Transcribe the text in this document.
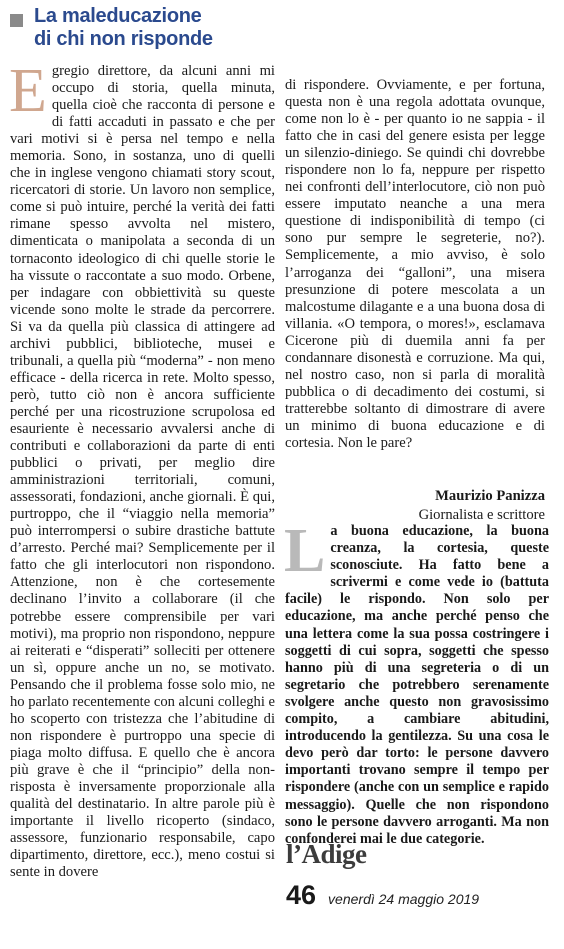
La maleducazione
di chi non risponde
E gregio direttore, da alcuni anni mi occupo di storia, quella minuta, quella cioè che racconta di persone e di fatti accaduti in passato e che per vari motivi si è persa nel tempo e nella memoria. Sono, in sostanza, uno di quelli che in inglese vengono chiamati story scout, ricercatori di storie. Un lavoro non semplice, come si può intuire, perché la verità dei fatti rimane spesso avvolta nel mistero, dimenticata o manipolata a seconda di un tornaconto ideologico di chi quelle storie le ha vissute o raccontate a suo modo. Orbene, per indagare con obbiettività su queste vicende sono molte le strade da percorrere. Si va da quella più classica di attingere ad archivi pubblici, biblioteche, musei e tribunali, a quella più “moderna” - non meno efficace - della ricerca in rete. Molto spesso, però, tutto ciò non è ancora sufficiente perché per una ricostruzione scrupolosa ed esauriente è necessario avvalersi anche di contributi e collaborazioni da parte di enti pubblici o privati, per meglio dire amministrazioni territoriali, comuni, assessorati, fondazioni, anche giornali. È qui, purtroppo, che il “viaggio nella memoria” può interrompersi o subire drastiche battute d’arresto. Perché mai? Semplicemente per il fatto che gli interlocutori non rispondono. Attenzione, non è che cortesemente declinano l’invito a collaborare (il che potrebbe essere comprensibile per vari motivi), ma proprio non rispondono, neppure ai reiterati e “disperati” solleciti per ottenere un sì, oppure anche un no, se motivato. Pensando che il problema fosse solo mio, ne ho parlato recentemente con alcuni colleghi e ho scoperto con tristezza che l’abitudine di non rispondere è purtroppo una specie di piaga molto diffusa. E quello che è ancora più grave è che il “principio” della non-risposta è inversamente proporzionale alla qualità del destinatario. In altre parole più è importante il livello ricoperto (sindaco, assessore, funzionario responsabile, capo dipartimento, direttore, ecc.), meno costui si sente in dovere

di rispondere. Ovviamente, e per fortuna, questa non è una regola adottata ovunque, come non lo è - per quanto io ne sappia - il fatto che in casi del genere esista per legge un silenzio-diniego. Se quindi chi dovrebbe rispondere non lo fa, neppure per rispetto nei confronti dell’interlocutore, ciò non può essere imputato neanche a una mera questione di indisponibilità di tempo (ci sono pur sempre le segreterie, no?). Semplicemente, a mio avviso, è solo l’arroganza dei “galloni”, una misera presunzione di potere mescolata a un malcostume dilagante e a una buona dosa di villania. «O tempora, o mores!», esclamava Cicerone più di duemila anni fa per condannare disonestà e corruzione. Ma qui, nel nostro caso, non si parla di moralità pubblica o di decadimento dei costumi, si tratterebbe soltanto di dimostrare di avere un minimo di buona educazione e di cortesia. Non le pare?

Maurizio Panizza
Giornalista e scrittore
L a buona educazione, la buona creanza, la cortesia, queste sconosciute. Ha fatto bene a scrivermi e come vede io (battuta facile) le rispondo. Non solo per educazione, ma anche perché penso che una lettera come la sua possa costringere i soggetti di cui sopra, soggetti che spesso hanno più di una segreteria o di un segretario che potrebbero serenamente svolgere anche questo non gravosissimo compito, a cambiare abitudini, introducendo la gentilezza. Su una cosa le devo però dar torto: le persone davvero importanti trovano sempre il tempo per rispondere (anche con un semplice e rapido messaggio). Quelle che non rispondono sono le persone davvero arroganti. Ma non confonderei mai le due categorie.

l’Adige
46 venerdì 24 maggio 2019
